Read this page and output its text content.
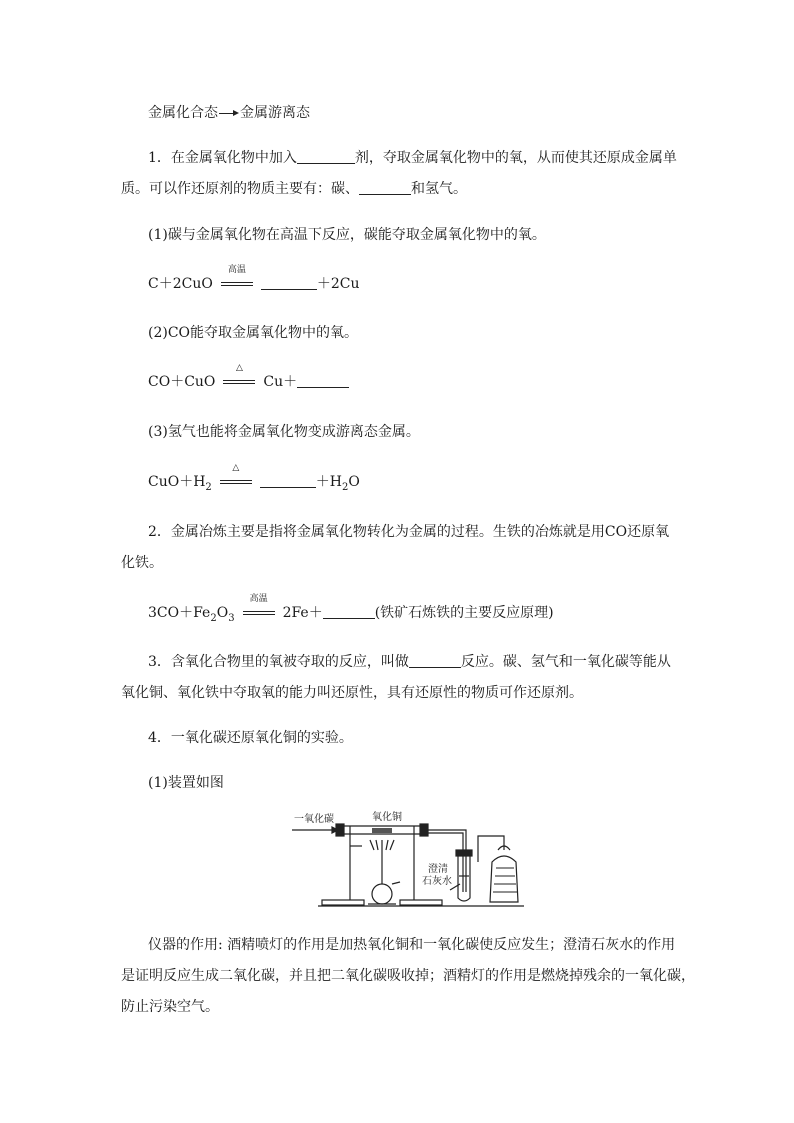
金属化合态 金属游离态
1．在金属氧化物中加入	剂，夺取金属氧化物中的氧，从而使其还原成金属单
质。可以作还原剂的物质主要有：碳、	和氢气。
(1)碳与金属氧化物在高温下反应，碳能夺取金属氧化物中的氧。
C＋2CuO
高温
＋2Cu
(2)CO能夺取金属氧化物中的氧。
CO＋CuO
△
Cu＋
(3)氢气也能将金属氧化物变成游离态金属。
$CuO+H_2$
△
$+H_2O$
2．金属冶炼主要是指将金属氧化物转化为金属的过程。生铁的冶炼就是用CO还原氧
化铁。
$3CO+Fe_2O_3$
高温
2Fe＋	(铁矿石炼铁的主要反应原理)
3．含氧化合物里的氧被夺取的反应，叫做	反应。碳、氢气和一氧化碳等能从
氧化铜、氧化铁中夺取氧的能力叫还原性，具有还原性的物质可作还原剂。
4．一氧化碳还原氧化铜的实验。
(1)装置如图
一氧化碳	氧化铜
澄清
石灰水
仪器的作用: 酒精喷灯的作用是加热氧化铜和一氧化碳使反应发生；澄清石灰水的作用
是证明反应生成二氧化碳，并且把二氧化碳吸收掉；酒精灯的作用是燃烧掉残余的一氧化碳，
防止污染空气。
